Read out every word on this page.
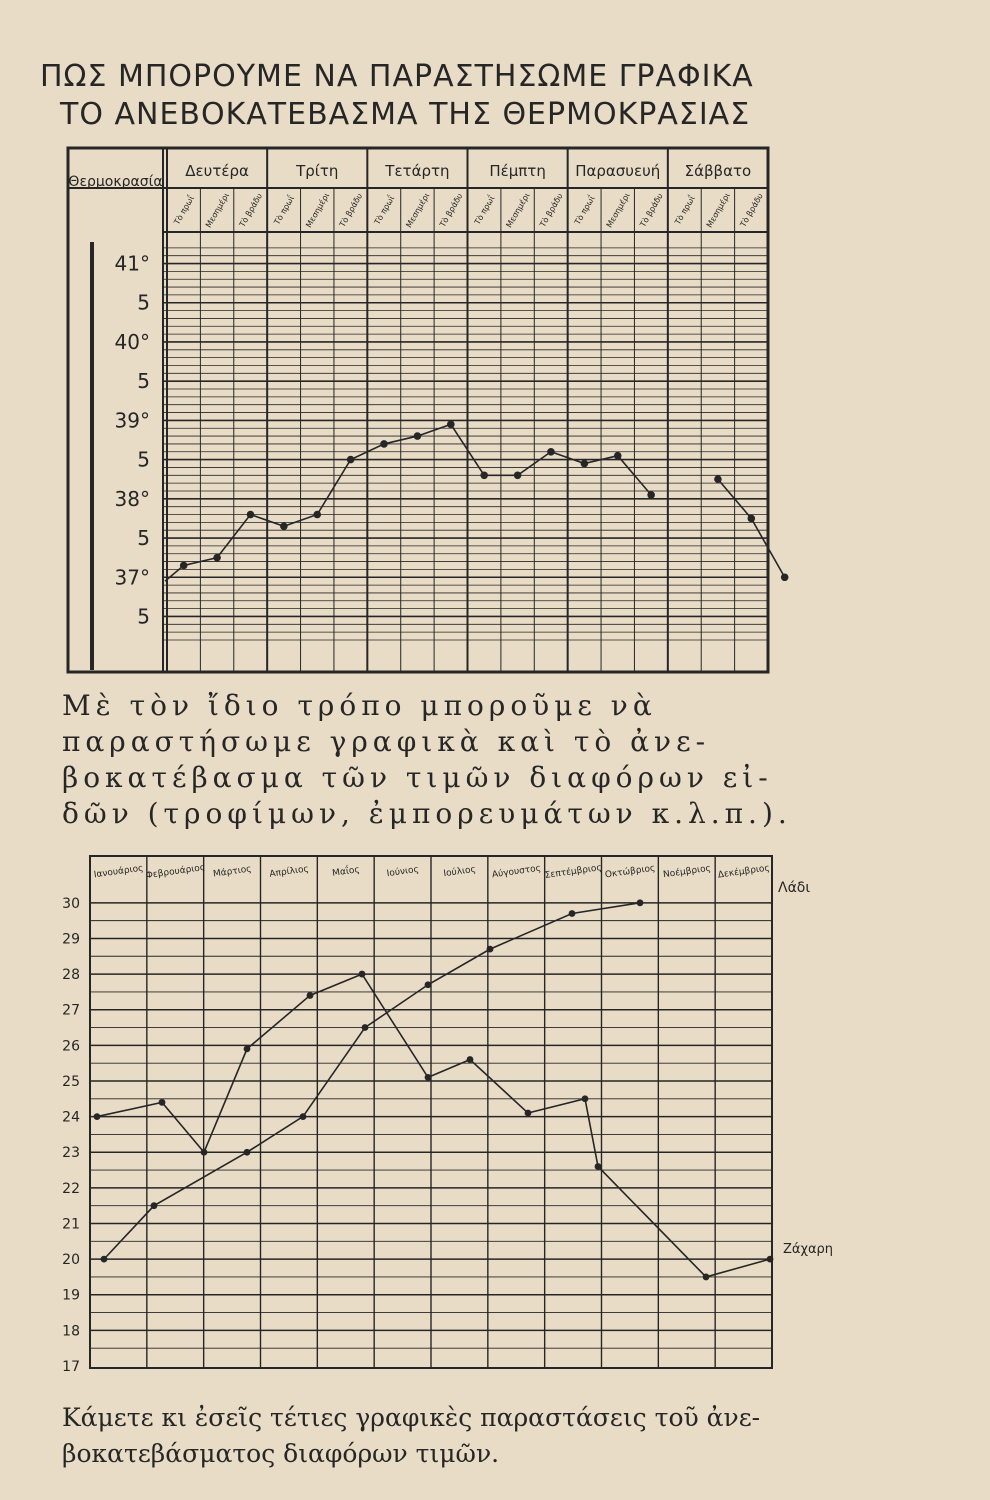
ΠΩΣ ΜΠΟΡΟΥΜΕ ΝΑ ΠΑΡΑΣΤΗΣΩΜΕ ΓΡΑΦΙΚΑ
ΤΟ ΑΝΕΒΟΚΑΤΕΒΑΣΜΑ ΤΗΣ ΘΕΡΜΟΚΡΑΣΙΑΣ
Θερμοκρασία
Δευτέρα	Τρίτη	Τετάρτη	Πέμπτη Παρασυευή Σάββατο
Τὸ πρωΐ Μεσημέρι Τὸ βράδυ Τὸ πρωΐ Μεσημέρι Τὸ βράδυ Τὸ πρωΐ Μεσημέρι Τὸ βράδυ Τὸ πρωΐ Μεσημέρι Τὸ βράδυ Τὸ πρωΐ Μεσημέρι Τὸ βράδυ Τὸ πρωΐ Μεσημέρι Τὸ βράδυ
41°
5
40°
5
39°
5
38°
5
37°
5
Μὲ τὸν ἴδιο τρόπο μποροῦμε νὰ
παραστήσωμε γραφικὰ καὶ τὸ ἀνε-
βοκατέβασμα τῶν τιμῶν διαφόρων εἰ-
δῶν (τροφίμων, ἐμπορευμάτων κ.λ.π.).
Ιανουάριος Φεβρουάριος Μάρτιος Απρίλιος Μαΐος	Ιούνιος	Ιούλιος Αύγουστος Σεπτέμβριος Οκτώβριος Νοέμβριος Δεκέμβριος
17
18
19
20
21
22
23
24
25
26
27
28
29
30
Λάδι
Ζάχαρη
Κάμετε κι ἐσεῖς τέτιες γραφικὲς παραστάσεις τοῦ ἀνε-
βοκατεβάσματος διαφόρων τιμῶν.
